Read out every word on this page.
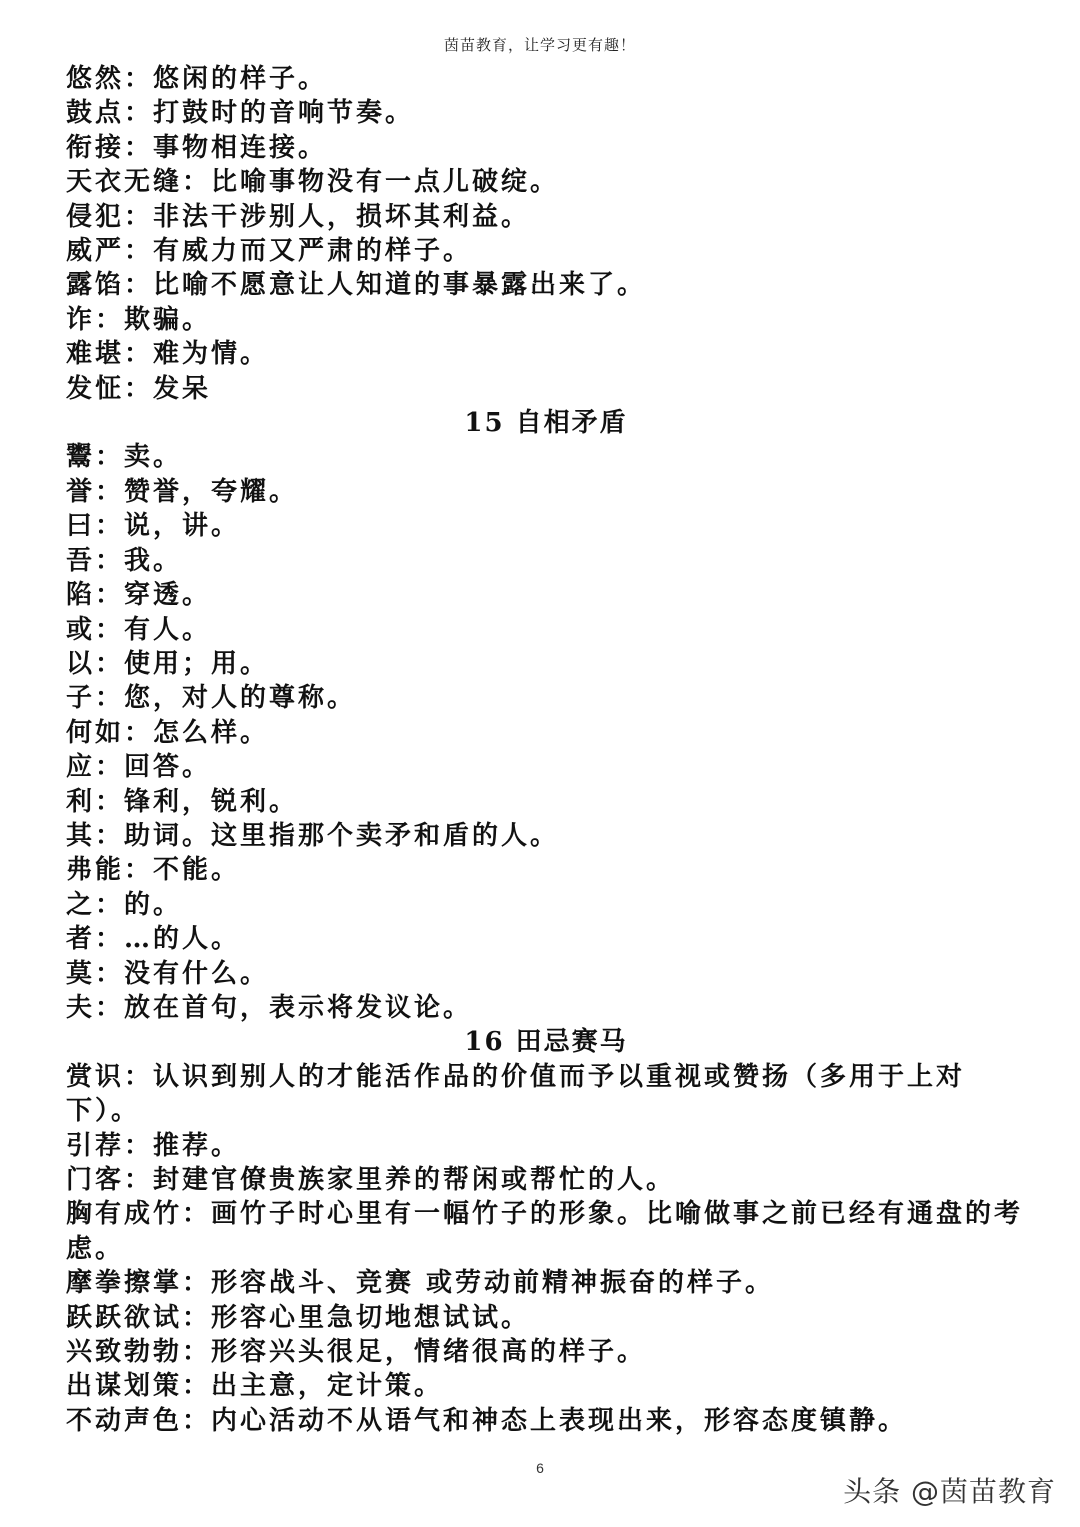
茵苗教育，让学习更有趣！
悠然：悠闲的样子。
鼓点：打鼓时的音响节奏。
衔接：事物相连接。
天衣无缝：比喻事物没有一点儿破绽。
侵犯：非法干涉别人，损坏其利益。
威严：有威力而又严肃的样子。
露馅：比喻不愿意让人知道的事暴露出来了。
诈：欺骗。
难堪：难为情。
发怔：发呆
15 自相矛盾
鬻：卖。
誉：赞誉，夸耀。
曰：说，讲。
吾：我。
陷：穿透。
或：有人。
以：使用；用。
子：您，对人的尊称。
何如：怎么样。
应：回答。
利：锋利，锐利。
其：助词。这里指那个卖矛和盾的人。
弗能：不能。
之：的。
者：…的人。
莫：没有什么。
夫：放在首句，表示将发议论。
16 田忌赛马
赏识：认识到别人的才能活作品的价值而予以重视或赞扬（多用于上对下）。
引荐：推荐。
门客：封建官僚贵族家里养的帮闲或帮忙的人。
胸有成竹：画竹子时心里有一幅竹子的形象。比喻做事之前已经有通盘的考虑。
摩拳擦掌：形容战斗、竞赛 或劳动前精神振奋的样子。
跃跃欲试：形容心里急切地想试试。
兴致勃勃：形容兴头很足，情绪很高的样子。
出谋划策：出主意，定计策。
不动声色：内心活动不从语气和神态上表现出来，形容态度镇静。
6
头条 @茵苗教育
